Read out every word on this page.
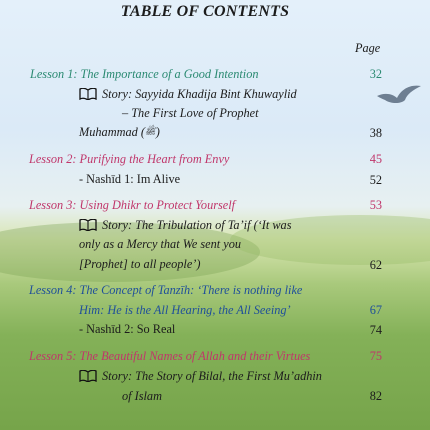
TABLE OF CONTENTS
Page
Lesson 1: The Importance of a Good Intention	32
Story: Sayyida Khadija Bint Khuwaylid
– The First Love of Prophet
Muhammad (ﷺ)	38
Lesson 2: Purifying the Heart from Envy	45
- Nashīd 1: Im Alive	52
Lesson 3: Using Dhikr to Protect Yourself	53
Story: The Tribulation of Ta’if (‘It was
only as a Mercy that We sent you
[Prophet] to all people’)	62
Lesson 4: The Concept of Tanzīh: ‘There is nothing like
Him: He is the All Hearing, the All Seeing’	67
- Nashīd 2: So Real	74
Lesson 5: The Beautiful Names of Allah and their Virtues	75
Story: The Story of Bilal, the First Mu’adhin
of Islam	82
